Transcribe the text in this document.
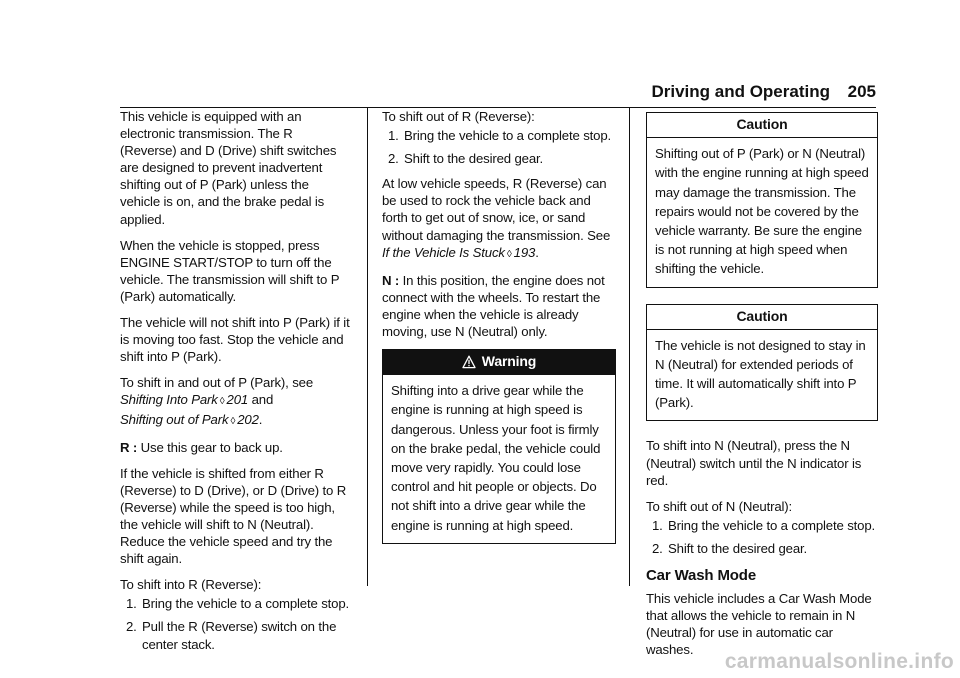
Driving and Operating 205

This vehicle is equipped with an electronic transmission. The R (Reverse) and D (Drive) shift switches are designed to prevent inadvertent shifting out of P (Park) unless the vehicle is on, and the brake pedal is applied.

When the vehicle is stopped, press ENGINE START/STOP to turn off the vehicle. The transmission will shift to P (Park) automatically.

The vehicle will not shift into P (Park) if it is moving too fast. Stop the vehicle and shift into P (Park).

To shift in and out of P (Park), see Shifting Into Park ◊ 201 and
Shifting out of Park ◊ 202.

R : Use this gear to back up.

If the vehicle is shifted from either R (Reverse) to D (Drive), or D (Drive) to R (Reverse) while the speed is too high, the vehicle will shift to N (Neutral). Reduce the vehicle speed and try the shift again.

To shift into R (Reverse):

1. Bring the vehicle to a complete stop.
2. Pull the R (Reverse) switch on the center stack.

To shift out of R (Reverse):

1. Bring the vehicle to a complete stop.
2. Shift to the desired gear.

At low vehicle speeds, R (Reverse) can be used to rock the vehicle back and forth to get out of snow, ice, or sand without damaging the transmission. See If the Vehicle Is Stuck ◊ 193.

N : In this position, the engine does not connect with the wheels. To restart the engine when the vehicle is already moving, use N (Neutral) only.

Warning
Shifting into a drive gear while the engine is running at high speed is dangerous. Unless your foot is firmly on the brake pedal, the vehicle could move very rapidly. You could lose control and hit people or objects. Do not shift into a drive gear while the engine is running at high speed.
Caution
Shifting out of P (Park) or N (Neutral) with the engine running at high speed may damage the transmission. The repairs would not be covered by the vehicle warranty. Be sure the engine is not running at high speed when shifting the vehicle.
Caution
The vehicle is not designed to stay in N (Neutral) for extended periods of time. It will automatically shift into P (Park).

To shift into N (Neutral), press the N (Neutral) switch until the N indicator is red.

To shift out of N (Neutral):

1. Bring the vehicle to a complete stop.
2. Shift to the desired gear.
Car Wash Mode

This vehicle includes a Car Wash Mode that allows the vehicle to remain in N (Neutral) for use in automatic car washes.

carmanualsonline.info
